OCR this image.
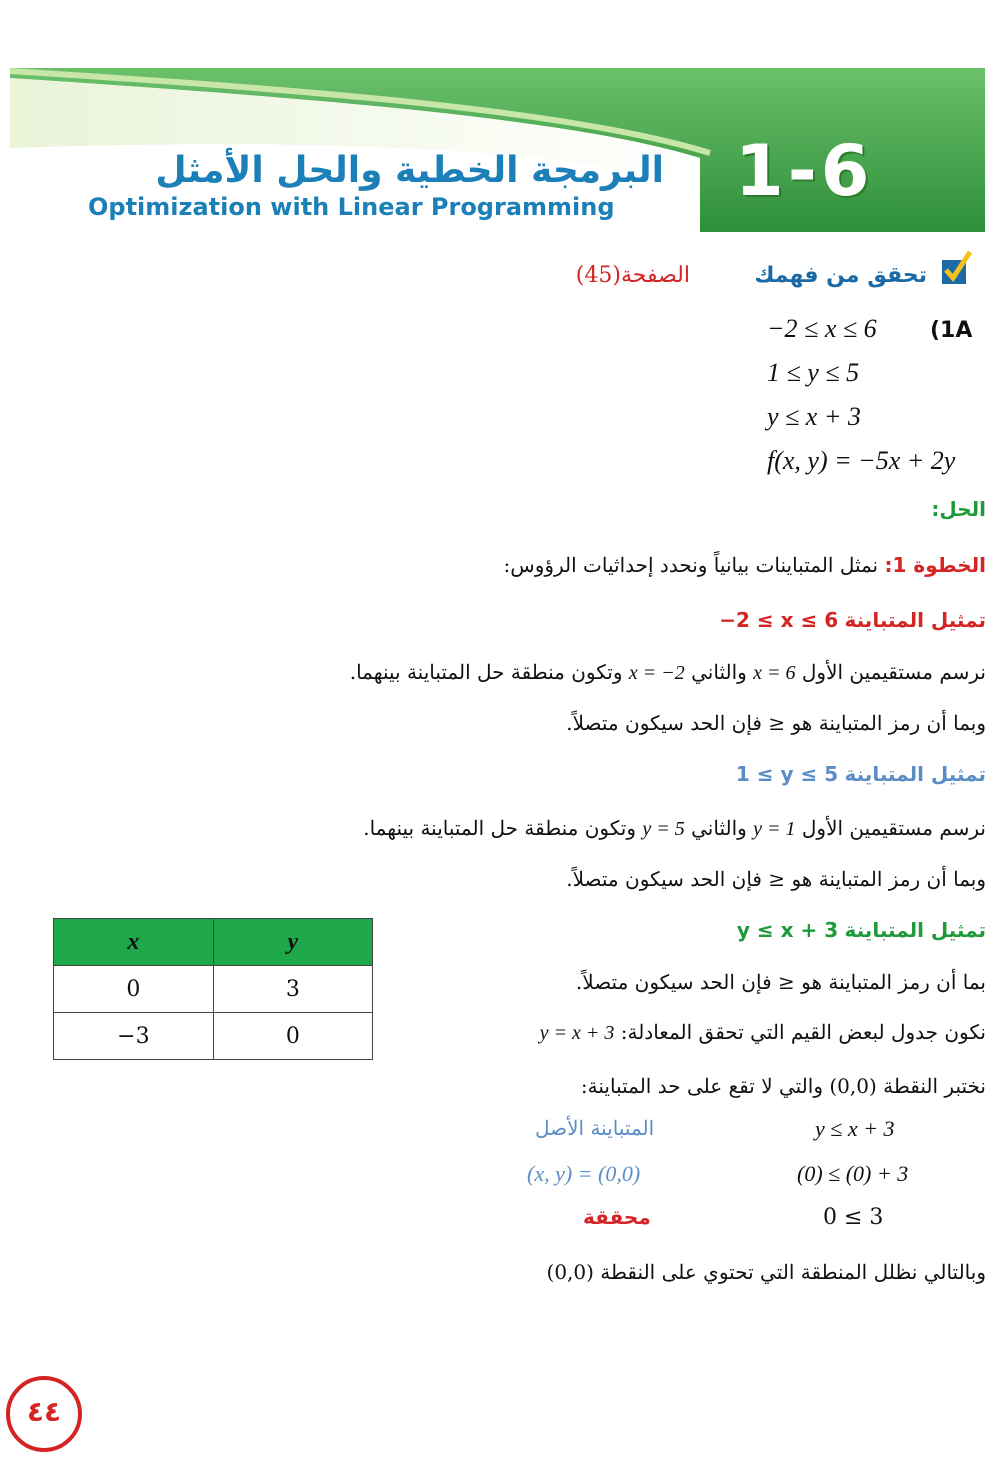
1-6
البرمجة الخطية والحل الأمثل
Optimization with Linear Programming
تحقق من فهمك
الصفحة(45)
(1A
−2 ≤ x ≤ 6
1 ≤ y ≤ 5
y ≤ x + 3
f(x, y) = −5x + 2y
الحل:
الخطوة 1: نمثل المتباينات بيانياً ونحدد إحداثيات الرؤوس:
تمثيل المتباينة −2 ≤ x ≤ 6
نرسم مستقيمين الأول x = 6 والثاني x = −2 وتكون منطقة حل المتباينة بينهما.
وبما أن رمز المتباينة هو ≤ فإن الحد سيكون متصلاً.
تمثيل المتباينة 1 ≤ y ≤ 5
نرسم مستقيمين الأول y = 1 والثاني y = 5 وتكون منطقة حل المتباينة بينهما.
وبما أن رمز المتباينة هو ≤ فإن الحد سيكون متصلاً.
تمثيل المتباينة y ≤ x + 3
بما أن رمز المتباينة هو ≤ فإن الحد سيكون متصلاً.
نكون جدول لبعض القيم التي تحقق المعادلة: y = x + 3
نختبر النقطة (0,0) والتي لا تقع على حد المتباينة:
x	y
0	3
−3	0
y ≤ x + 3
المتباينة الأصل
(0) ≤ (0) + 3
(x, y) = (0,0)
0 ≤ 3
محققة
وبالتالي نظلل المنطقة التي تحتوي على النقطة (0,0)
٤٤
